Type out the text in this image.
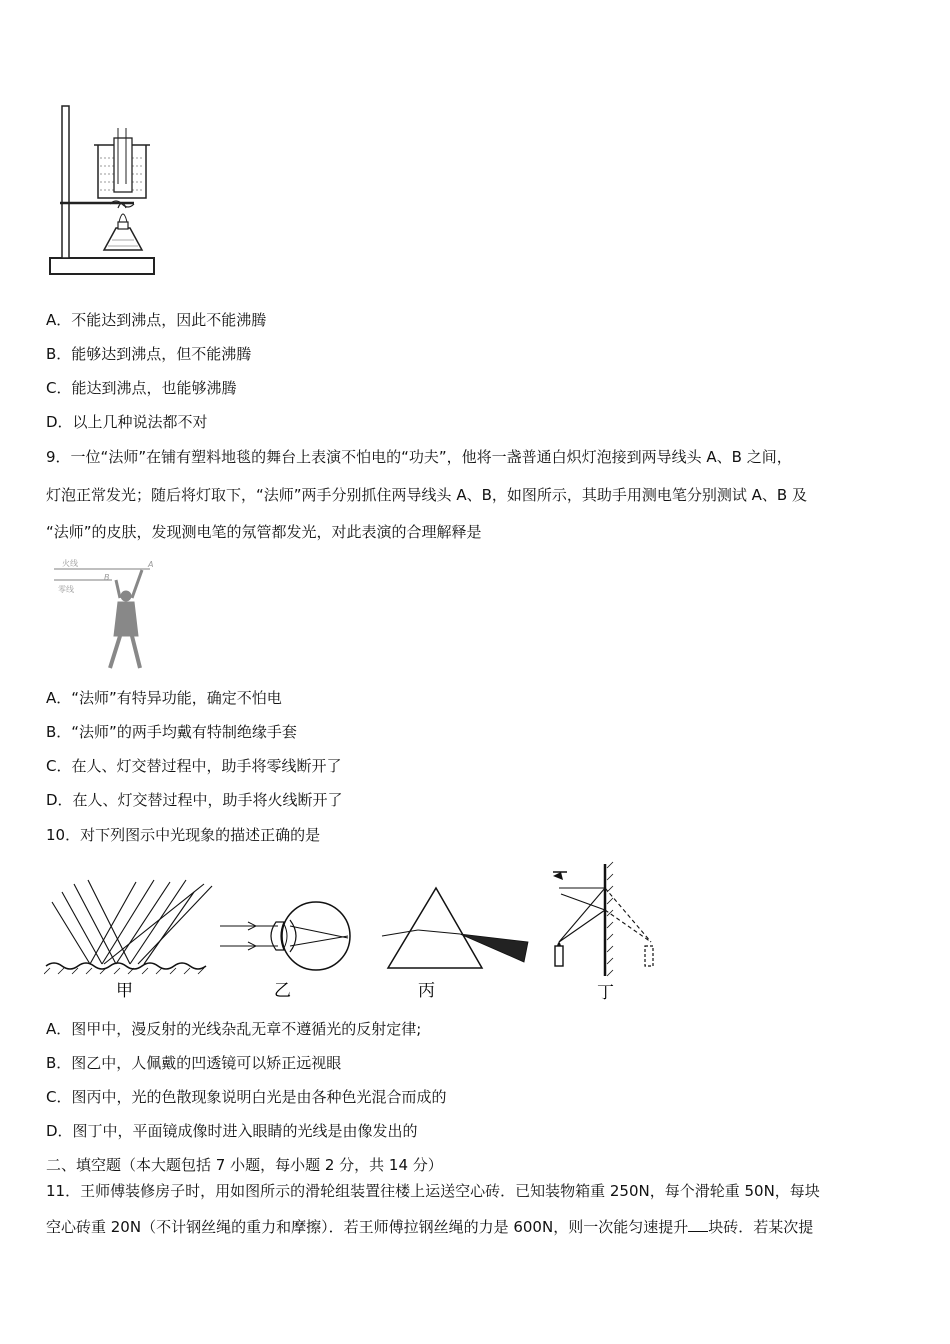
A．不能达到沸点，因此不能沸腾
B．能够达到沸点，但不能沸腾
C．能达到沸点，也能够沸腾
D．以上几种说法都不对
9．一位“法师”在铺有塑料地毯的舞台上表演不怕电的“功夫”，他将一盏普通白炽灯泡接到两导线头 A、B 之间，
灯泡正常发光；随后将灯取下，“法师”两手分别抓住两导线头 A、B，如图所示，其助手用测电笔分别测试 A、B 及
“法师”的皮肤，发现测电笔的氖管都发光，对此表演的合理解释是
火线
零线
A
B
A．“法师”有特异功能，确定不怕电
B．“法师”的两手均戴有特制绝缘手套
C．在人、灯交替过程中，助手将零线断开了
D．在人、灯交替过程中，助手将火线断开了
10．对下列图示中光现象的描述正确的是
甲	乙	丙	丁
A．图甲中，漫反射的光线杂乱无章不遵循光的反射定律;
B．图乙中，人佩戴的凹透镜可以矫正远视眼
C．图丙中，光的色散现象说明白光是由各种色光混合而成的
D．图丁中，平面镜成像时进入眼睛的光线是由像发出的
二、填空题（本大题包括 7 小题，每小题 2 分，共 14 分）
11．王师傅装修房子时，用如图所示的滑轮组装置往楼上运送空心砖．已知装物箱重 250N，每个滑轮重 50N，每块
空心砖重 20N（不计钢丝绳的重力和摩擦）．若王师傅拉钢丝绳的力是 600N，则一次能匀速提升 块砖．若某次提
